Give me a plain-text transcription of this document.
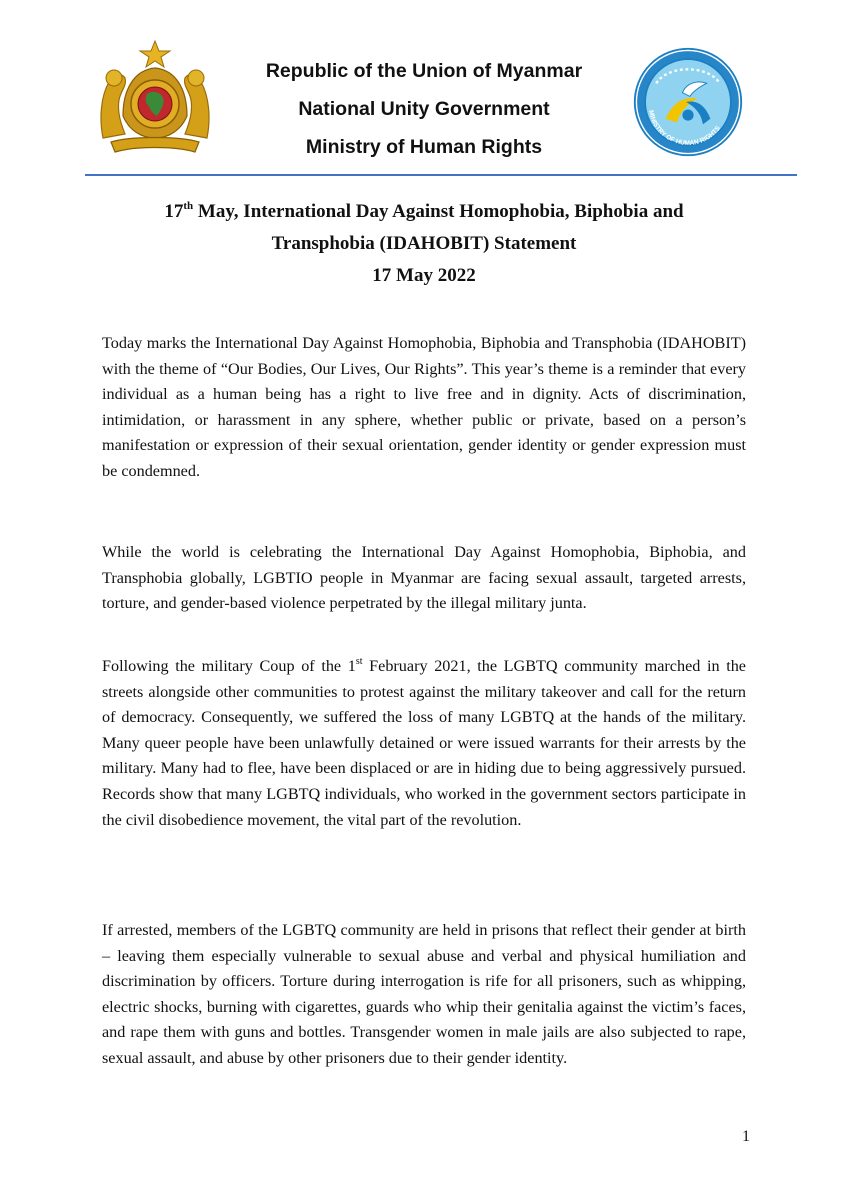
Republic of the Union of Myanmar
National Unity Government
Ministry of Human Rights
MINISTRY OF HUMAN RIGHTS
17th May, International Day Against Homophobia, Biphobia and
Transphobia (IDAHOBIT) Statement
17 May 2022

Today marks the International Day Against Homophobia, Biphobia and Transphobia (IDAHOBIT) with the theme of “Our Bodies, Our Lives, Our Rights”. This year’s theme is a reminder that every individual as a human being has a right to live free and in dignity. Acts of discrimination, intimidation, or harassment in any sphere, whether public or private, based on a person’s manifestation or expression of their sexual orientation, gender identity or gender expression must be condemned.

While the world is celebrating the International Day Against Homophobia, Biphobia, and Transphobia globally, LGBTIO people in Myanmar are facing sexual assault, targeted arrests, torture, and gender-based violence perpetrated by the illegal military junta.

Following the military Coup of the 1st February 2021, the LGBTQ community marched in the streets alongside other communities to protest against the military takeover and call for the return of democracy. Consequently, we suffered the loss of many LGBTQ at the hands of the military. Many queer people have been unlawfully detained or were issued warrants for their arrests by the military. Many had to flee, have been displaced or are in hiding due to being aggressively pursued. Records show that many LGBTQ individuals, who worked in the government sectors participate in the civil disobedience movement, the vital part of the revolution.

If arrested, members of the LGBTQ community are held in prisons that reflect their gender at birth – leaving them especially vulnerable to sexual abuse and verbal and physical humiliation and discrimination by officers. Torture during interrogation is rife for all prisoners, such as whipping, electric shocks, burning with cigarettes, guards who whip their genitalia against the victim’s faces, and rape them with guns and bottles. Transgender women in male jails are also subjected to rape, sexual assault, and abuse by other prisoners due to their gender identity.

1
